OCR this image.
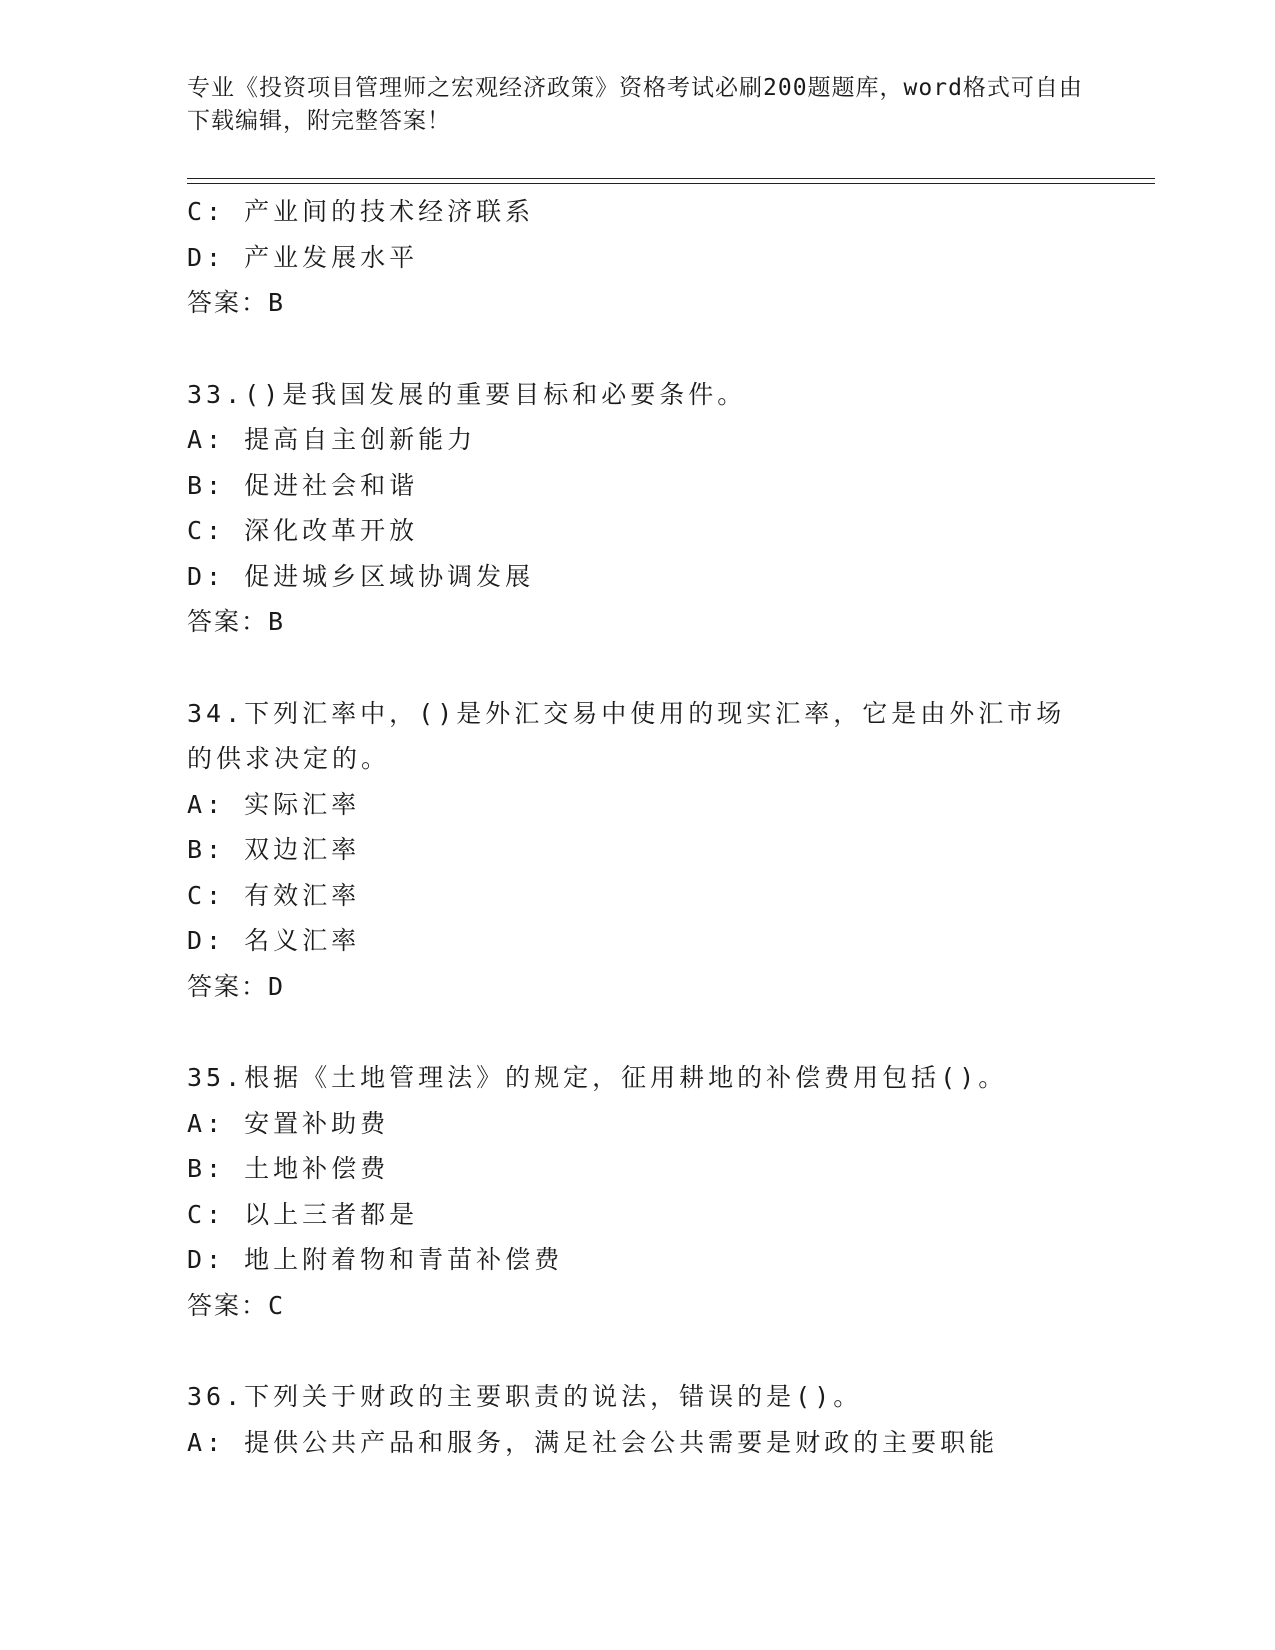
专业《投资项目管理师之宏观经济政策》资格考试必刷200题题库，word格式可自由下载编辑，附完整答案！
C: 产业间的技术经济联系
D: 产业发展水平
答案：B
33.()是我国发展的重要目标和必要条件。
A: 提高自主创新能力
B: 促进社会和谐
C: 深化改革开放
D: 促进城乡区域协调发展
答案：B
34.下列汇率中，()是外汇交易中使用的现实汇率，它是由外汇市场的供求决定的。
A: 实际汇率
B: 双边汇率
C: 有效汇率
D: 名义汇率
答案：D
35.根据《土地管理法》的规定，征用耕地的补偿费用包括()。
A: 安置补助费
B: 土地补偿费
C: 以上三者都是
D: 地上附着物和青苗补偿费
答案：C
36.下列关于财政的主要职责的说法，错误的是()。
A: 提供公共产品和服务，满足社会公共需要是财政的主要职能
